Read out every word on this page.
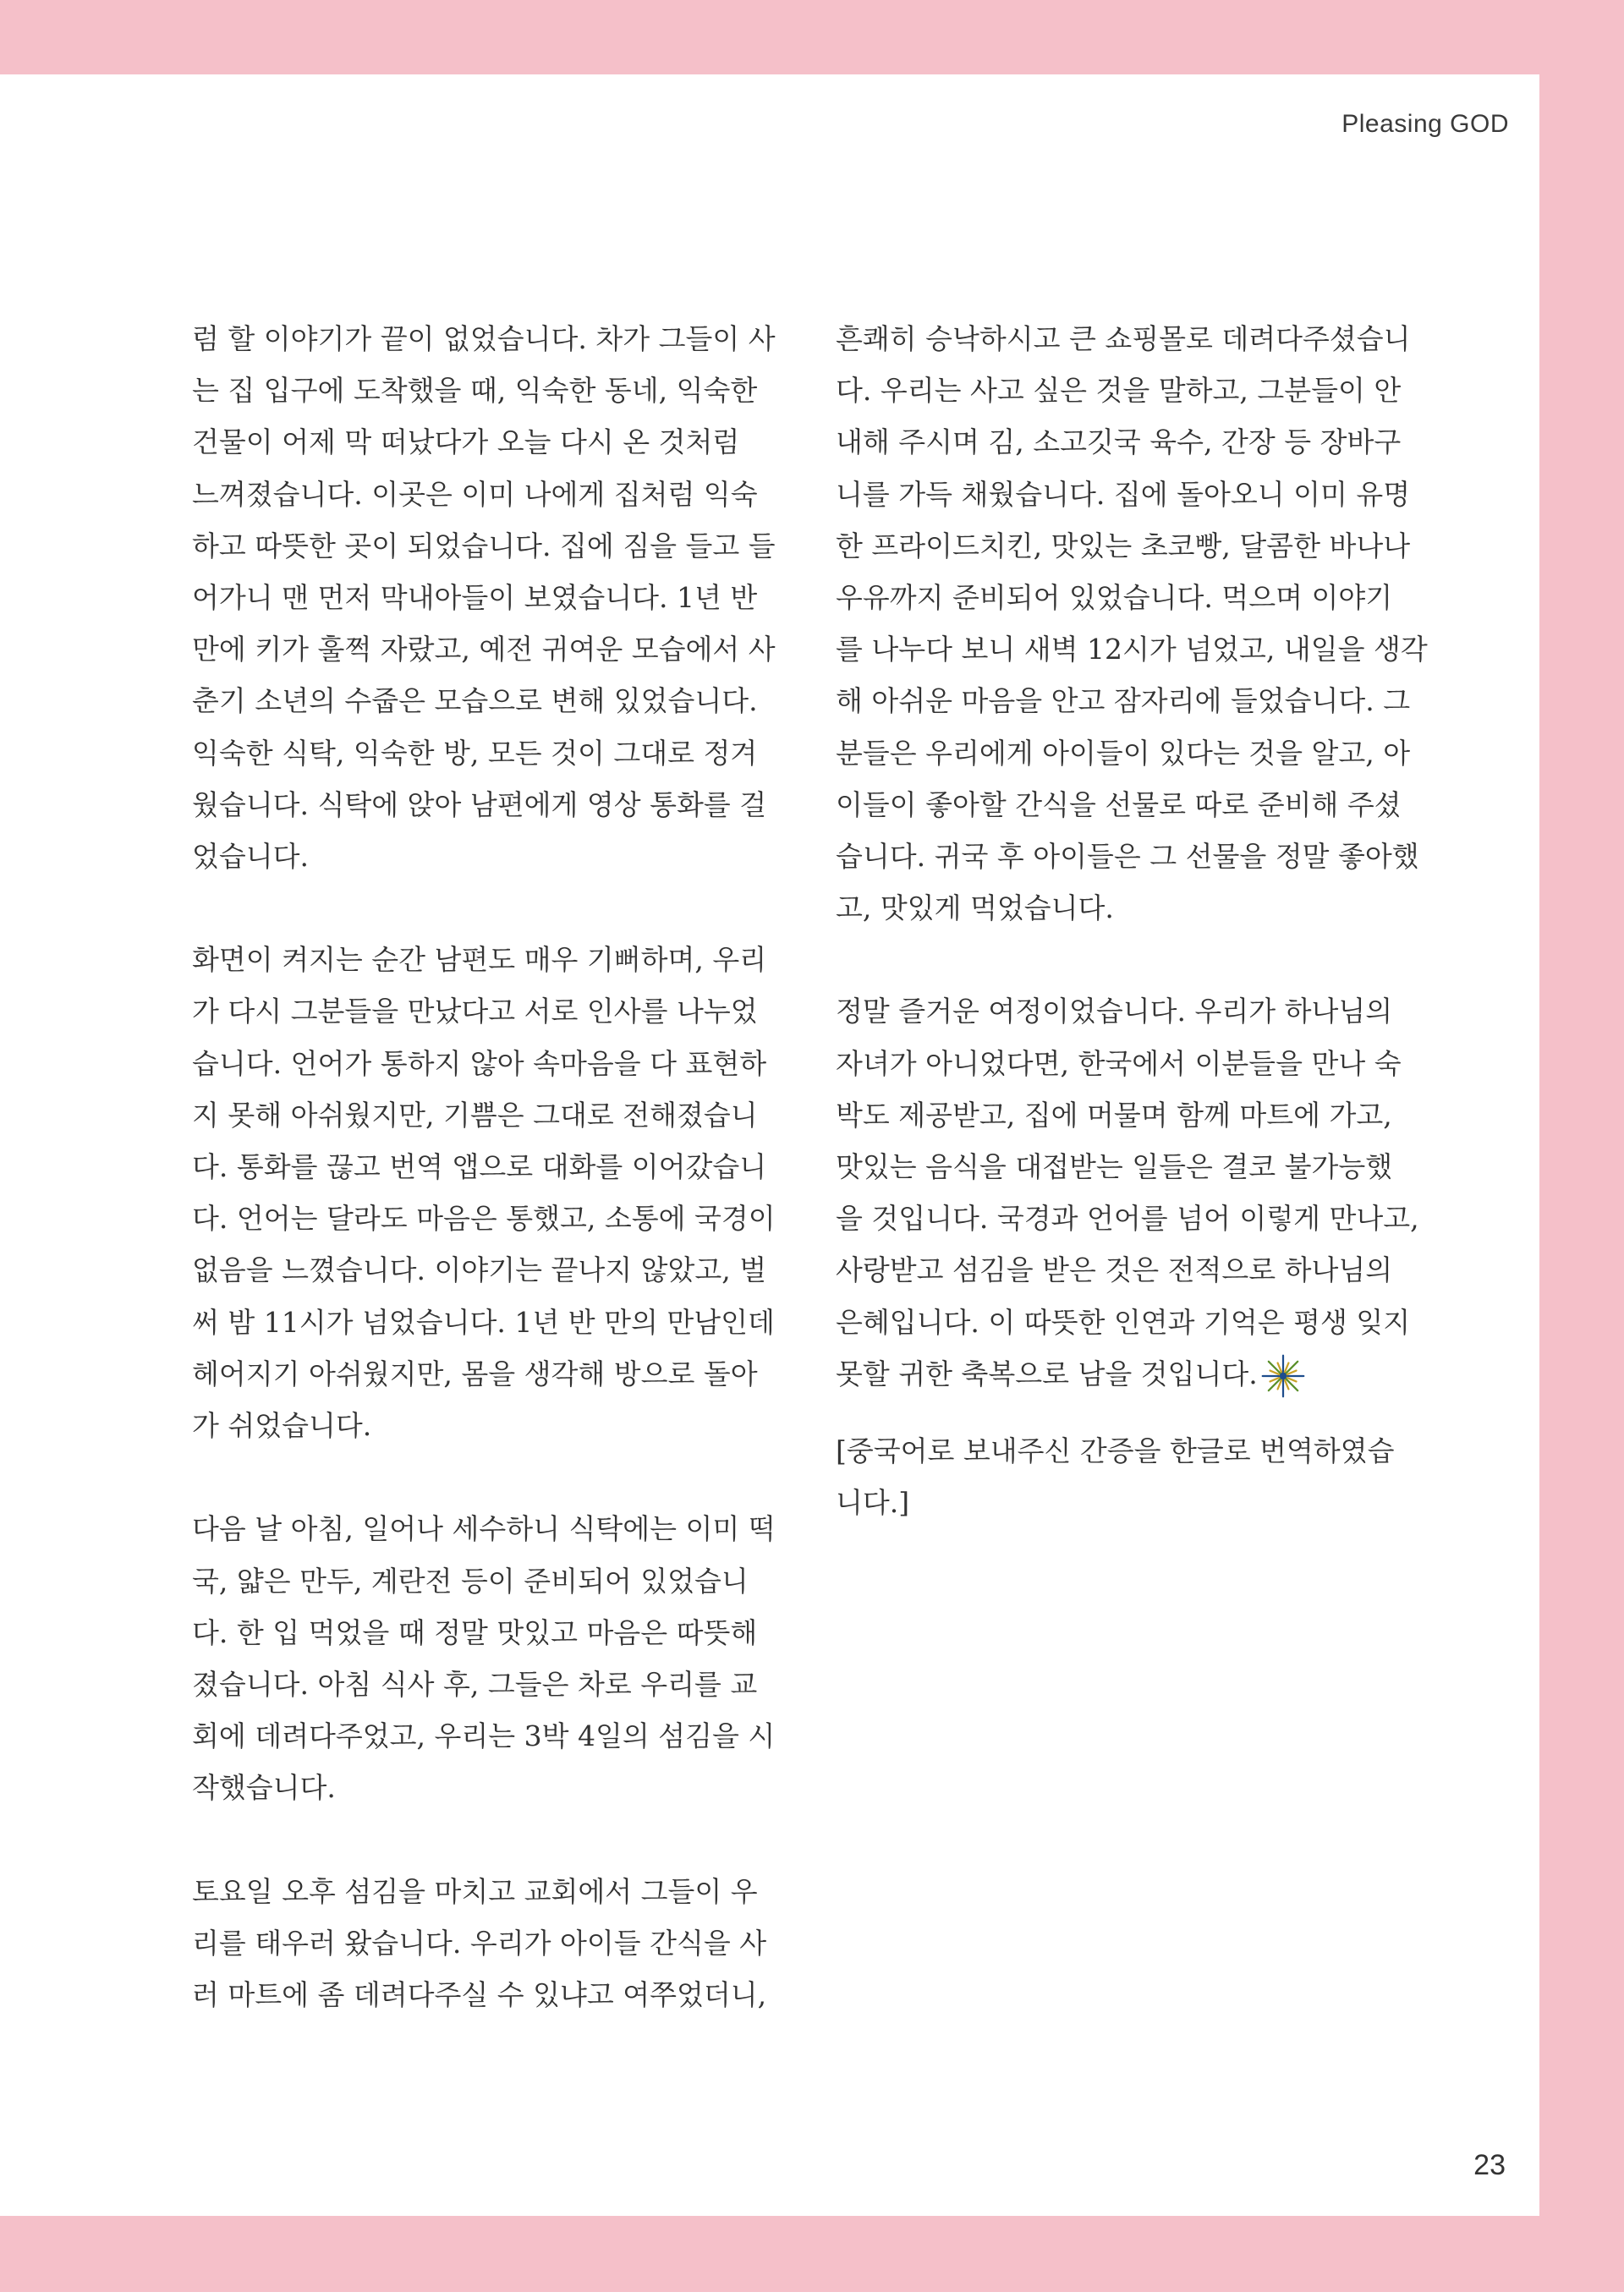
Pleasing GOD
럼 할 이야기가 끝이 없었습니다. 차가 그들이 사
는 집 입구에 도착했을 때, 익숙한 동네, 익숙한
건물이 어제 막 떠났다가 오늘 다시 온 것처럼
느껴졌습니다. 이곳은 이미 나에게 집처럼 익숙
하고 따뜻한 곳이 되었습니다. 집에 짐을 들고 들
어가니 맨 먼저 막내아들이 보였습니다. 1년 반
만에 키가 훌쩍 자랐고, 예전 귀여운 모습에서 사
춘기 소년의 수줍은 모습으로 변해 있었습니다.
익숙한 식탁, 익숙한 방, 모든 것이 그대로 정겨
웠습니다. 식탁에 앉아 남편에게 영상 통화를 걸
었습니다.
화면이 켜지는 순간 남편도 매우 기뻐하며, 우리
가 다시 그분들을 만났다고 서로 인사를 나누었
습니다. 언어가 통하지 않아 속마음을 다 표현하
지 못해 아쉬웠지만, 기쁨은 그대로 전해졌습니
다. 통화를 끊고 번역 앱으로 대화를 이어갔습니
다. 언어는 달라도 마음은 통했고, 소통에 국경이
없음을 느꼈습니다. 이야기는 끝나지 않았고, 벌
써 밤 11시가 넘었습니다. 1년 반 만의 만남인데
헤어지기 아쉬웠지만, 몸을 생각해 방으로 돌아
가 쉬었습니다.
다음 날 아침, 일어나 세수하니 식탁에는 이미 떡
국, 얇은 만두, 계란전 등이 준비되어 있었습니
다. 한 입 먹었을 때 정말 맛있고 마음은 따뜻해
졌습니다. 아침 식사 후, 그들은 차로 우리를 교
회에 데려다주었고, 우리는 3박 4일의 섬김을 시
작했습니다.
토요일 오후 섬김을 마치고 교회에서 그들이 우
리를 태우러 왔습니다. 우리가 아이들 간식을 사
러 마트에 좀 데려다주실 수 있냐고 여쭈었더니,
흔쾌히 승낙하시고 큰 쇼핑몰로 데려다주셨습니
다. 우리는 사고 싶은 것을 말하고, 그분들이 안
내해 주시며 김, 소고깃국 육수, 간장 등 장바구
니를 가득 채웠습니다. 집에 돌아오니 이미 유명
한 프라이드치킨, 맛있는 초코빵, 달콤한 바나나
우유까지 준비되어 있었습니다. 먹으며 이야기
를 나누다 보니 새벽 12시가 넘었고, 내일을 생각
해 아쉬운 마음을 안고 잠자리에 들었습니다. 그
분들은 우리에게 아이들이 있다는 것을 알고, 아
이들이 좋아할 간식을 선물로 따로 준비해 주셨
습니다. 귀국 후 아이들은 그 선물을 정말 좋아했
고, 맛있게 먹었습니다.
정말 즐거운 여정이었습니다. 우리가 하나님의
자녀가 아니었다면, 한국에서 이분들을 만나 숙
박도 제공받고, 집에 머물며 함께 마트에 가고,
맛있는 음식을 대접받는 일들은 결코 불가능했
을 것입니다. 국경과 언어를 넘어 이렇게 만나고,
사랑받고 섬김을 받은 것은 전적으로 하나님의
은혜입니다. 이 따뜻한 인연과 기억은 평생 잊지
못할 귀한 축복으로 남을 것입니다.
[중국어로 보내주신 간증을 한글로 번역하였습
니다.]
23
